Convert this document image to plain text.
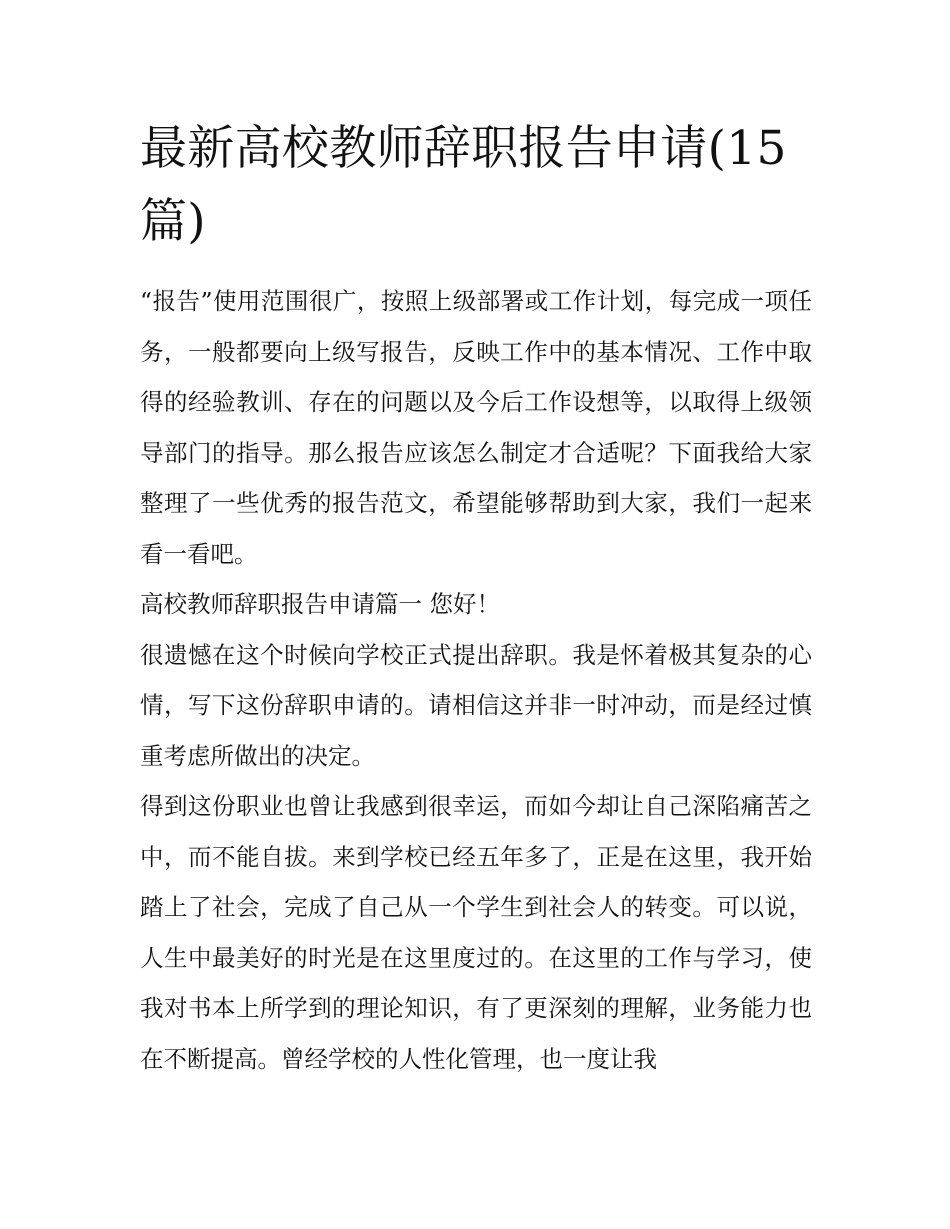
最新高校教师辞职报告申请(15篇)

“报告”使用范围很广，按照上级部署或工作计划，每完成一项任务，一般都要向上级写报告，反映工作中的基本情况、工作中取得的经验教训、存在的问题以及今后工作设想等，以取得上级领导部门的指导。那么报告应该怎么制定才合适呢？下面我给大家整理了一些优秀的报告范文，希望能够帮助到大家，我们一起来看一看吧。

高校教师辞职报告申请篇一 您好！

很遗憾在这个时候向学校正式提出辞职。我是怀着极其复杂的心情，写下这份辞职申请的。请相信这并非一时冲动，而是经过慎重考虑所做出的决定。

得到这份职业也曾让我感到很幸运，而如今却让自己深陷痛苦之中，而不能自拔。来到学校已经五年多了，正是在这里，我开始踏上了社会，完成了自己从一个学生到社会人的转变。可以说，人生中最美好的时光是在这里度过的。在这里的工作与学习，使我对书本上所学到的理论知识，有了更深刻的理解，业务能力也在不断提高。曾经学校的人性化管理，也一度让我
